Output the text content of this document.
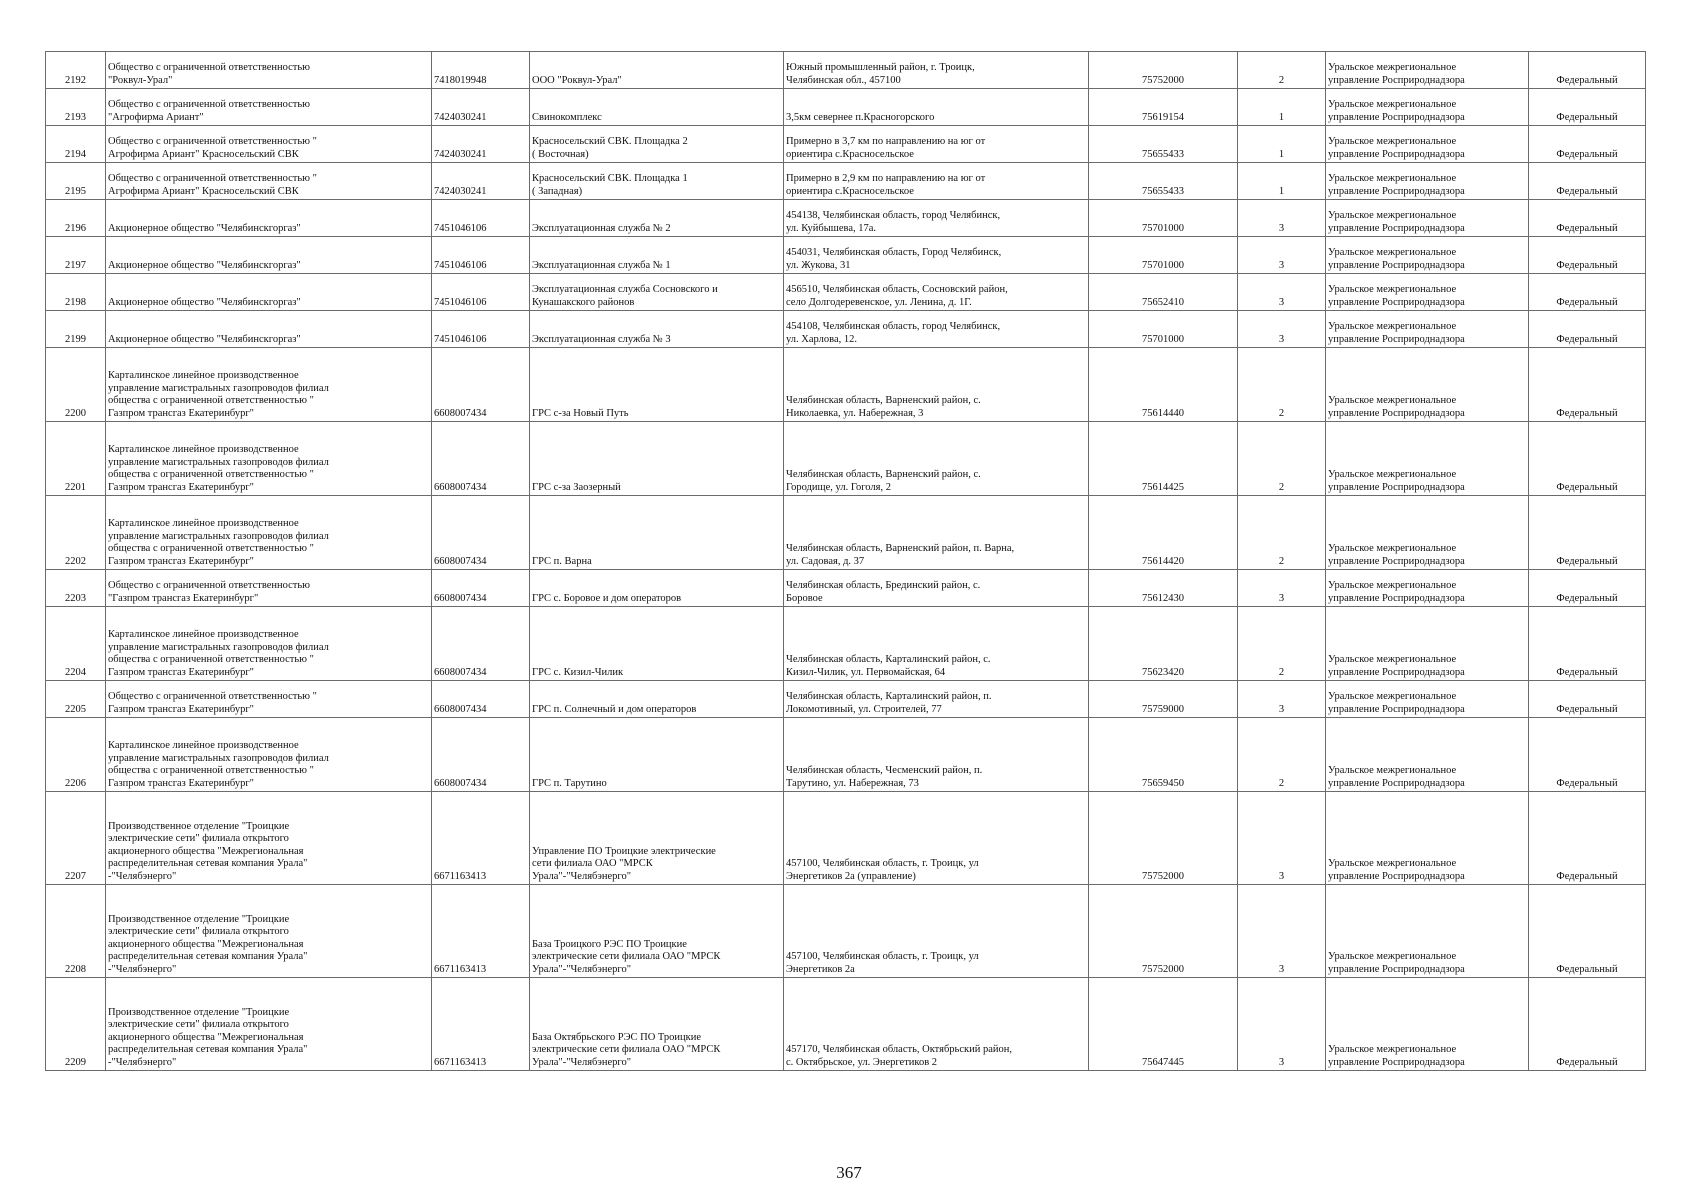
2192	Общество с ограниченной ответственностью
"Роквул-Урал"	7418019948	ООО "Роквул-Урал"	Южный промышленный район, г. Троицк,
Челябинская обл., 457100	75752000	2	Уральское межрегиональное
управление Росприроднадзора	Федеральный
2193	Общество с ограниченной ответственностью
"Агрофирма Ариант"	7424030241	Свинокомплекс	3,5км севернее п.Красногорского	75619154	1	Уральское межрегиональное
управление Росприроднадзора	Федеральный
2194	Общество с ограниченной ответственностью "
Агрофирма Ариант" Красносельский СВК	7424030241	Красносельский СВК. Площадка 2
( Восточная)	Примерно в 3,7 км по направлению на юг от
ориентира с.Красносельское	75655433	1	Уральское межрегиональное
управление Росприроднадзора	Федеральный
2195	Общество с ограниченной ответственностью "
Агрофирма Ариант" Красносельский СВК	7424030241	Красносельский СВК. Площадка 1
( Западная)	Примерно в 2,9 км по направлению на юг от
ориентира с.Красносельское	75655433	1	Уральское межрегиональное
управление Росприроднадзора	Федеральный
2196	Акционерное общество "Челябинскгоргаз"	7451046106	Эксплуатационная служба № 2	454138, Челябинская область, город Челябинск,
ул. Куйбышева, 17а.	75701000	3	Уральское межрегиональное
управление Росприроднадзора	Федеральный
2197	Акционерное общество "Челябинскгоргаз"	7451046106	Эксплуатационная служба № 1	454031, Челябинская область, Город Челябинск,
ул. Жукова, 31	75701000	3	Уральское межрегиональное
управление Росприроднадзора	Федеральный
2198	Акционерное общество "Челябинскгоргаз"	7451046106	Эксплуатационная служба Сосновского и
Кунашакского районов	456510, Челябинская область, Сосновский район,
село Долгодеревенское, ул. Ленина, д. 1Г.	75652410	3	Уральское межрегиональное
управление Росприроднадзора	Федеральный
2199	Акционерное общество "Челябинскгоргаз"	7451046106	Эксплуатационная служба № 3	454108, Челябинская область, город Челябинск,
ул. Харлова, 12.	75701000	3	Уральское межрегиональное
управление Росприроднадзора	Федеральный
2200	Карталинское линейное производственное
управление магистральных газопроводов филиал
общества с ограниченной ответственностью "
Газпром трансгаз Екатеринбург"	6608007434	ГРС с-за Новый Путь	Челябинская область, Варненский район, с.
Николаевка, ул. Набережная, 3	75614440	2	Уральское межрегиональное
управление Росприроднадзора	Федеральный
2201	Карталинское линейное производственное
управление магистральных газопроводов филиал
общества с ограниченной ответственностью "
Газпром трансгаз Екатеринбург"	6608007434	ГРС с-за Заозерный	Челябинская область, Варненский район, с.
Городище, ул. Гоголя, 2	75614425	2	Уральское межрегиональное
управление Росприроднадзора	Федеральный
2202	Карталинское линейное производственное
управление магистральных газопроводов филиал
общества с ограниченной ответственностью "
Газпром трансгаз Екатеринбург"	6608007434	ГРС п. Варна	Челябинская область, Варненский район, п. Варна,
ул. Садовая, д. 37	75614420	2	Уральское межрегиональное
управление Росприроднадзора	Федеральный
2203	Общество с ограниченной ответственностью
"Газпром трансгаз Екатеринбург"	6608007434	ГРС с. Боровое и дом операторов	Челябинская область, Брединский район, с.
Боровое	75612430	3	Уральское межрегиональное
управление Росприроднадзора	Федеральный
2204	Карталинское линейное производственное
управление магистральных газопроводов филиал
общества с ограниченной ответственностью "
Газпром трансгаз Екатеринбург"	6608007434	ГРС с. Кизил-Чилик	Челябинская область, Карталинский район, с.
Кизил-Чилик, ул. Первомайская, 64	75623420	2	Уральское межрегиональное
управление Росприроднадзора	Федеральный
2205	Общество с ограниченной ответственностью "
Газпром трансгаз Екатеринбург"	6608007434	ГРС п. Солнечный и дом операторов	Челябинская область, Карталинский район, п.
Локомотивный, ул. Строителей, 77	75759000	3	Уральское межрегиональное
управление Росприроднадзора	Федеральный
2206	Карталинское линейное производственное
управление магистральных газопроводов филиал
общества с ограниченной ответственностью "
Газпром трансгаз Екатеринбург"	6608007434	ГРС п. Тарутино	Челябинская область, Чесменский район, п.
Тарутино, ул. Набережная, 73	75659450	2	Уральское межрегиональное
управление Росприроднадзора	Федеральный
2207	Производственное отделение "Троицкие
электрические сети" филиала открытого
акционерного общества "Межрегиональная
распределительная сетевая компания Урала"
-"Челябэнерго"	6671163413	Управление ПО Троицкие электрические
сети филиала ОАО "МРСК
Урала"-"Челябэнерго"	457100, Челябинская область, г. Троицк, ул
Энергетиков 2а (управление)	75752000	3	Уральское межрегиональное
управление Росприроднадзора	Федеральный
2208	Производственное отделение "Троицкие
электрические сети" филиала открытого
акционерного общества "Межрегиональная
распределительная сетевая компания Урала"
-"Челябэнерго"	6671163413	База Троицкого РЭС ПО Троицкие
электрические сети филиала ОАО "МРСК
Урала"-"Челябэнерго"	457100, Челябинская область, г. Троицк, ул
Энергетиков 2а	75752000	3	Уральское межрегиональное
управление Росприроднадзора	Федеральный
2209	Производственное отделение "Троицкие
электрические сети" филиала открытого
акционерного общества "Межрегиональная
распределительная сетевая компания Урала"
-"Челябэнерго"	6671163413	База Октябрьского РЭС ПО Троицкие
электрические сети филиала ОАО "МРСК
Урала"-"Челябэнерго"	457170, Челябинская область, Октябрьский район,
с. Октябрьское, ул. Энергетиков 2	75647445	3	Уральское межрегиональное
управление Росприроднадзора	Федеральный
367
